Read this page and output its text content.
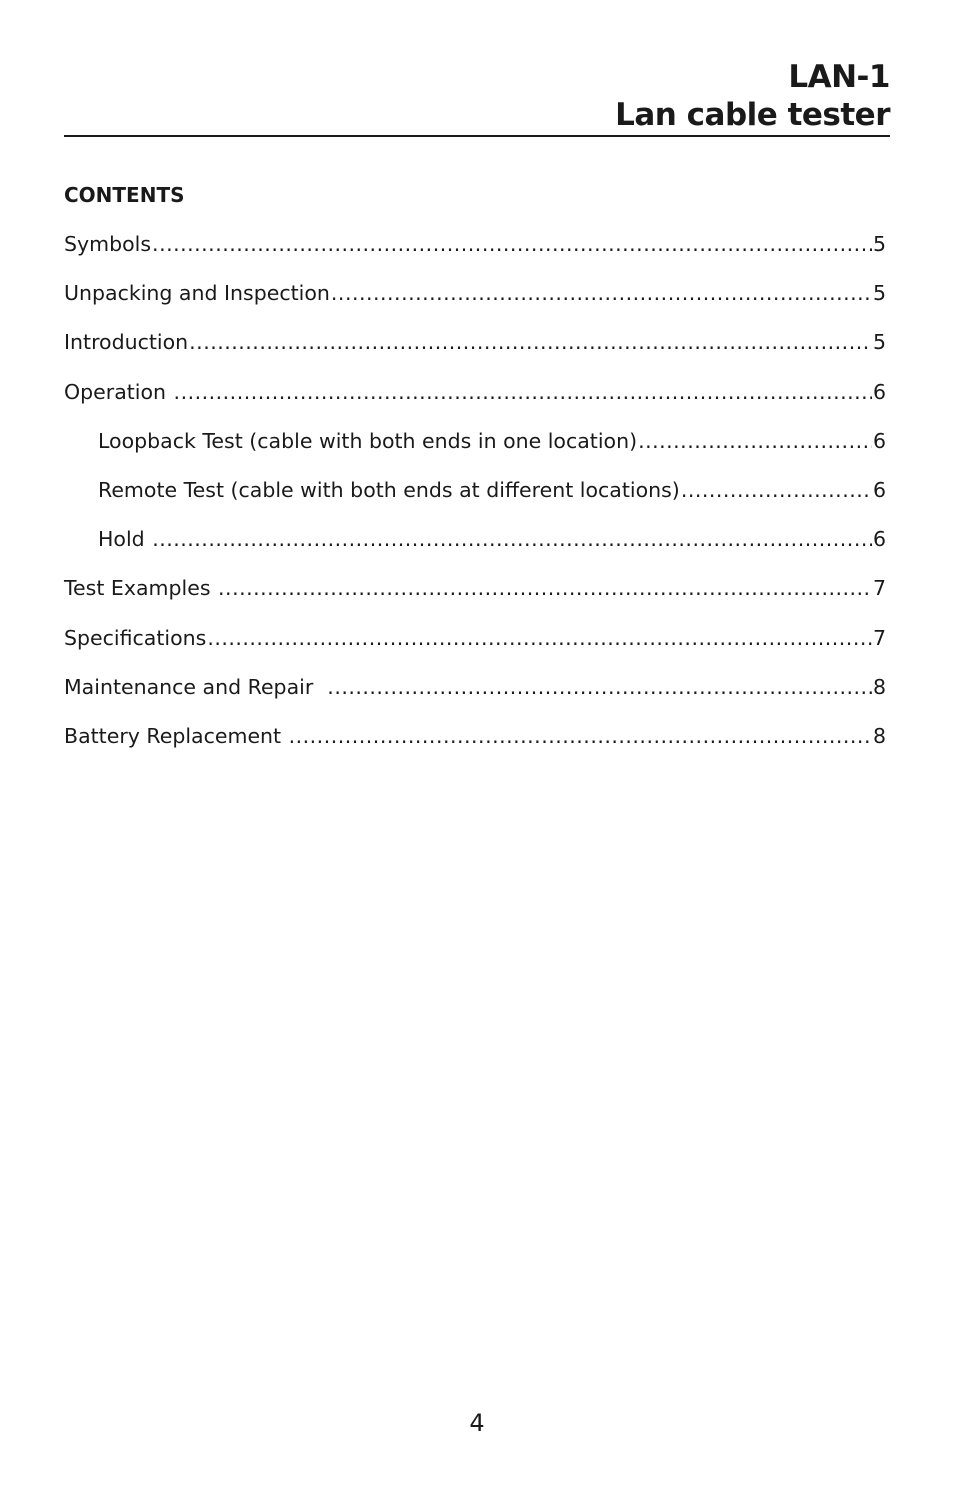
LAN-1
Lan cable tester
CONTENTS
Symbols .....	5
Unpacking and Inspection .....	5
Introduction .....	5
Operation .....	6
Loopback Test (cable with both ends in one location) .....	6
Remote Test (cable with both ends at different locations) .....	6
Hold .....	6
Test Examples .....	7
Specifications .....	7
Maintenance and Repair .....	8
Battery Replacement .....	8
4
